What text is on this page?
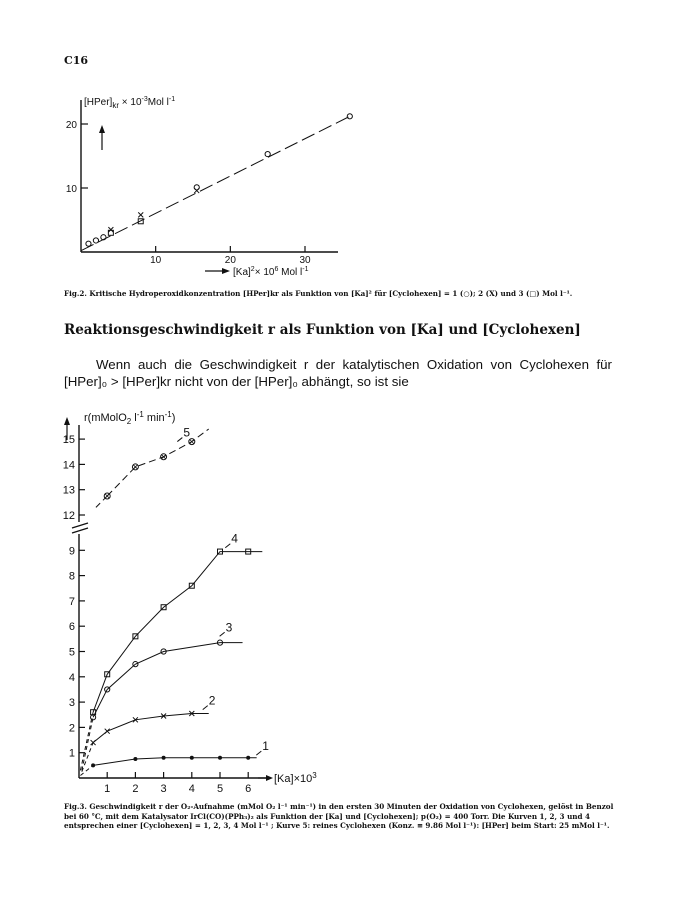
C16
$[HPer]_{kr} \times 10^{-3}Mol$ $l^{-1}$
$[Ka]^2\times 10^6$ Mol $l^{-1}$
10	20	30
10
20
Fig.2. Kritische Hydroperoxidkonzentration [HPer]kr als Funktion von [Ka]² für [Cyclohexen] = 1 (○); 2 (X) und 3 (□) Mol l⁻¹.
Reaktionsgeschwindigkeit r als Funktion von [Ka] und [Cyclohexen]
Wenn auch die Geschwindigkeit r der katalytischen Oxidation von Cyclohexen für [HPer]₀ > [HPer]kr nicht von der [HPer]₀ abhängt, so ist sie
r(mMolO$_2$ $l^{-1}$ $\min^{-1}$)
$[Ka]\times 10^3$
1 2 3 4 5 6
1
2
3
4
5
6
7
8
9
12
13
14
15
1
2
3
4
5
Fig.3. Geschwindigkeit r der O₂-Aufnahme (mMol O₂ l⁻¹ min⁻¹) in den ersten 30 Minuten der Oxidation von Cyclohexen, gelöst in Benzol bei 60 °C, mit dem Katalysator IrCl(CO)(PPh₃)₂ als Funktion der [Ka] und [Cyclohexen]; p(O₂) = 400 Torr. Die Kurven 1, 2, 3 und 4 entsprechen einer [Cyclohexen] = 1, 2, 3, 4 Mol l⁻¹ ; Kurve 5: reines Cyclohexen (Konz. ≡ 9.86 Mol l⁻¹): [HPer] beim Start: 25 mMol l⁻¹.
